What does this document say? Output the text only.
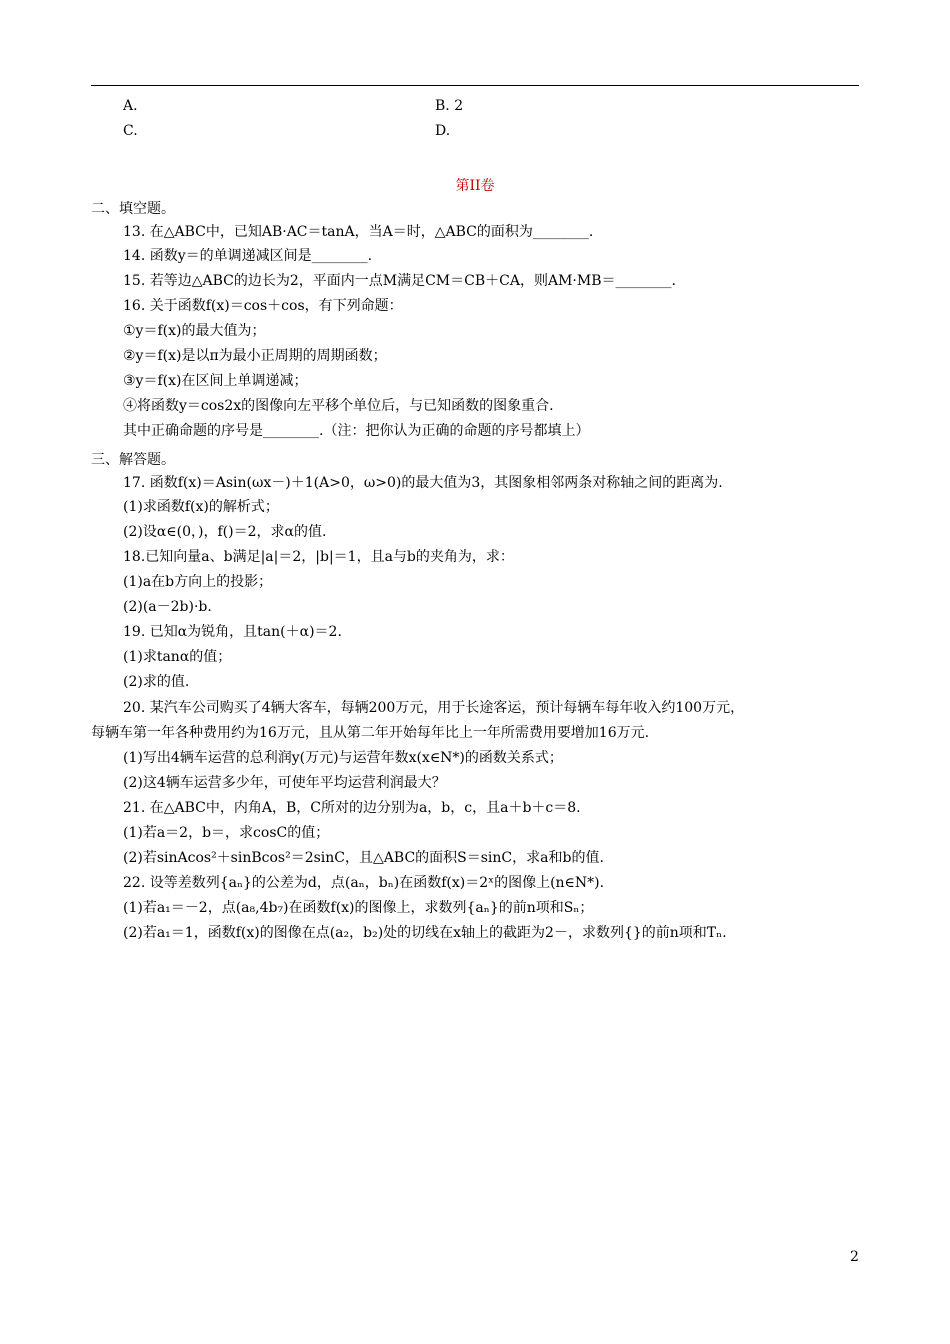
A.	B. 2
C.	D.
第II卷
二、填空题。
13. 在△ABC中，已知AB·AC＝tanA，当A＝时，△ABC的面积为________.
14. 函数y＝的单调递减区间是________.
15. 若等边△ABC的边长为2，平面内一点M满足CM＝CB＋CA，则AM·MB＝________.
16. 关于函数f(x)＝cos＋cos，有下列命题：
①y＝f(x)的最大值为；
②y＝f(x)是以π为最小正周期的周期函数；
③y＝f(x)在区间上单调递减；
④将函数y＝cos2x的图像向左平移个单位后，与已知函数的图象重合.
其中正确命题的序号是________.（注：把你认为正确的命题的序号都填上）
三、解答题。
17. 函数f(x)＝Asin(ωx－)＋1(A>0，ω>0)的最大值为3，其图象相邻两条对称轴之间的距离为.
(1)求函数f(x)的解析式；
(2)设α∈(0，)，f()＝2，求α的值.
18.已知向量a、b满足|a|＝2，|b|＝1，且a与b的夹角为，求：
(1)a在b方向上的投影；
(2)(a－2b)·b.
19. 已知α为锐角，且tan(＋α)＝2.
(1)求tanα的值；
(2)求的值.
20. 某汽车公司购买了4辆大客车，每辆200万元，用于长途客运，预计每辆车每年收入约100万元，
每辆车第一年各种费用约为16万元，且从第二年开始每年比上一年所需费用要增加16万元.
(1)写出4辆车运营的总利润y(万元)与运营年数x(x∈N*)的函数关系式；
(2)这4辆车运营多少年，可使年平均运营利润最大？
21. 在△ABC中，内角A，B，C所对的边分别为a，b，c，且a＋b＋c＝8.
(1)若a＝2，b＝，求cosC的值；
(2)若sinAcos²＋sinBcos²＝2sinC，且△ABC的面积S＝sinC，求a和b的值.
22. 设等差数列{aₙ}的公差为d，点(aₙ，bₙ)在函数f(x)＝2ˣ的图像上(n∈N*).
(1)若a₁＝－2，点(a₈,4b₇)在函数f(x)的图像上，求数列{aₙ}的前n项和Sₙ；
(2)若a₁＝1，函数f(x)的图像在点(a₂，b₂)处的切线在x轴上的截距为2－，求数列{}的前n项和Tₙ.
2
